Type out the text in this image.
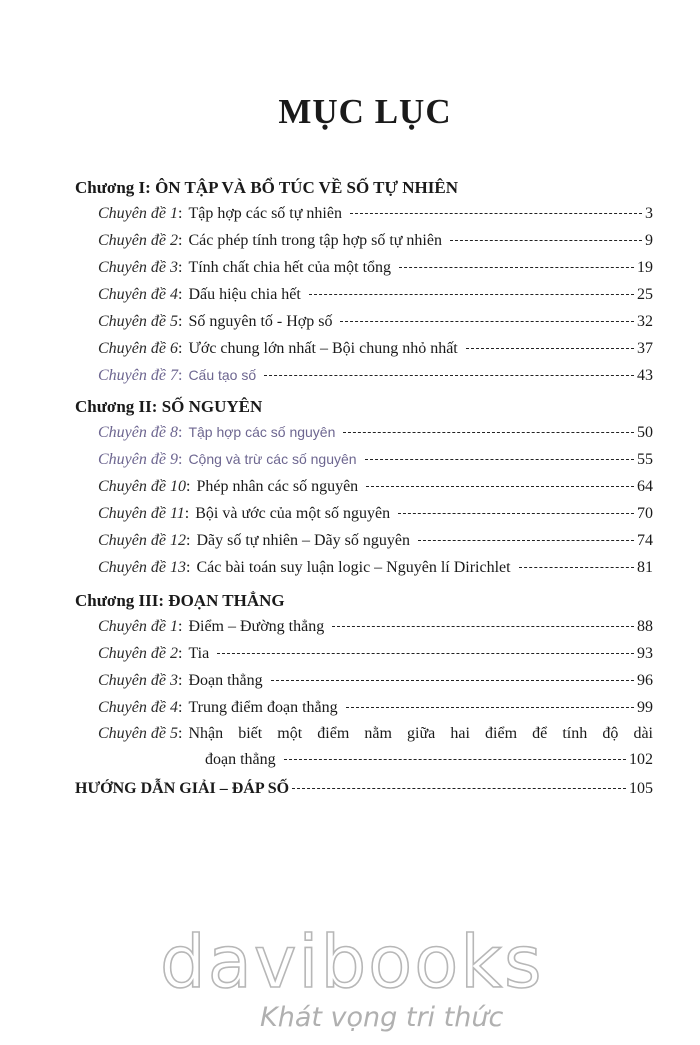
MỤC LỤC
Chương I: ÔN TẬP VÀ BỔ TÚC VỀ SỐ TỰ NHIÊN
Chuyên đề 1 : Tập hợp các số tự nhiên	3
Chuyên đề 2 : Các phép tính trong tập hợp số tự nhiên	9
Chuyên đề 3 : Tính chất chia hết của một tổng	19
Chuyên đề 4 : Dấu hiệu chia hết	25
Chuyên đề 5 : Số nguyên tố - Hợp số	32
Chuyên đề 6 : Ước chung lớn nhất – Bội chung nhỏ nhất	37
Chuyên đề 7 : Cấu tạo số	43
Chương II: SỐ NGUYÊN
Chuyên đề 8 : Tập hợp các số nguyên	50
Chuyên đề 9 : Cộng và trừ các số nguyên	55
Chuyên đề 10 : Phép nhân các số nguyên	64
Chuyên đề 11 : Bội và ước của một số nguyên	70
Chuyên đề 12 : Dãy số tự nhiên – Dãy số nguyên	74
Chuyên đề 13 : Các bài toán suy luận logic – Nguyên lí Dirichlet	81
Chương III: ĐOẠN THẲNG
Chuyên đề 1 : Điểm – Đường thẳng	88
Chuyên đề 2 : Tia	93
Chuyên đề 3 : Đoạn thẳng	96
Chuyên đề 4 : Trung điểm đoạn thẳng	99
Chuyên đề 5 : Nhận biết một điểm nằm giữa hai điểm để tính độ dài
đoạn thẳng	102
HƯỚNG DẪN GIẢI – ĐÁP SỐ	105
davibooks
Khát vọng tri thức
